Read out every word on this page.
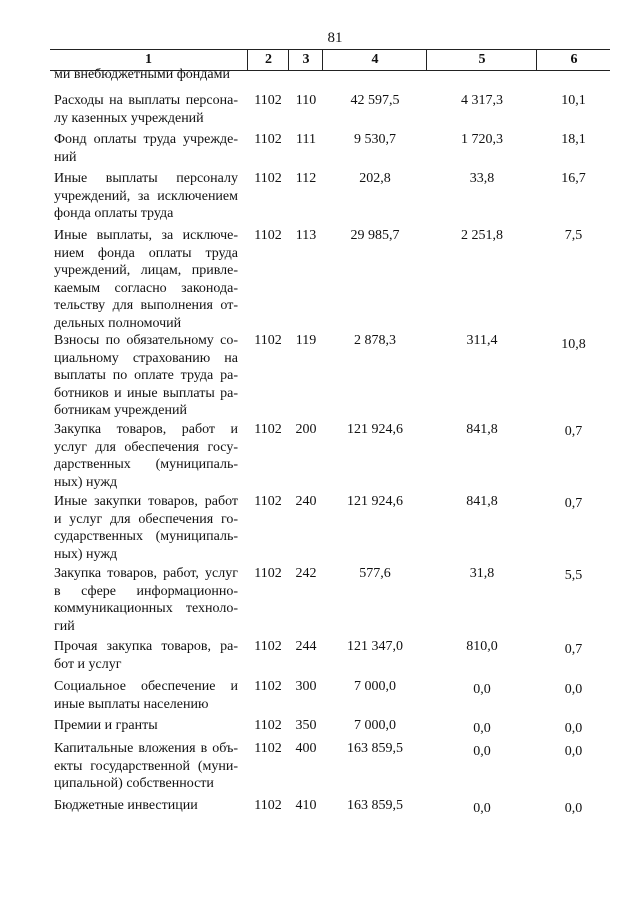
81
1	2	3	4	5	6
ми внебюджетными фондами
Расходы на выплаты персона-лу казенных учреждений
1102	110	42 597,5	4 317,3	10,1
Фонд оплаты труда учрежде-ний
1102	111	9 530,7	1 720,3	18,1
Иные выплаты персоналу учреждений, за исключением фонда оплаты труда
1102	112	202,8	33,8	16,7
Иные выплаты, за исключе-нием фонда оплаты труда учреждений, лицам, привле-каемым согласно законода-тельству для выполнения от-дельных полномочий
1102	113	29 985,7	2 251,8	7,5
Взносы по обязательному со-циальному страхованию на выплаты по оплате труда ра-ботников и иные выплаты ра-ботникам учреждений
1102	119	2 878,3	311,4	10,8
Закупка товаров, работ и услуг для обеспечения госу-дарственных (муниципаль-ных) нужд
1102 200	121 924,6	841,8	0,7
Иные закупки товаров, работ и услуг для обеспечения го-сударственных (муниципаль-ных) нужд
1102 240	121 924,6	841,8	0,7
Закупка товаров, работ, услуг в сфере информационно-коммуникационных техноло-гий
1102 242	577,6	31,8	5,5
Прочая закупка товаров, ра-бот и услуг
1102 244	121 347,0	810,0	0,7
Социальное обеспечение и иные выплаты населению
1102 300	7 000,0	0,0	0,0
Премии и гранты	1102 350	7 000,0	0,0	0,0
Капитальные вложения в объ-екты государственной (муни-ципальной) собственности
1102 400	163 859,5	0,0	0,0
Бюджетные инвестиции	1102 410	163 859,5	0,0	0,0
